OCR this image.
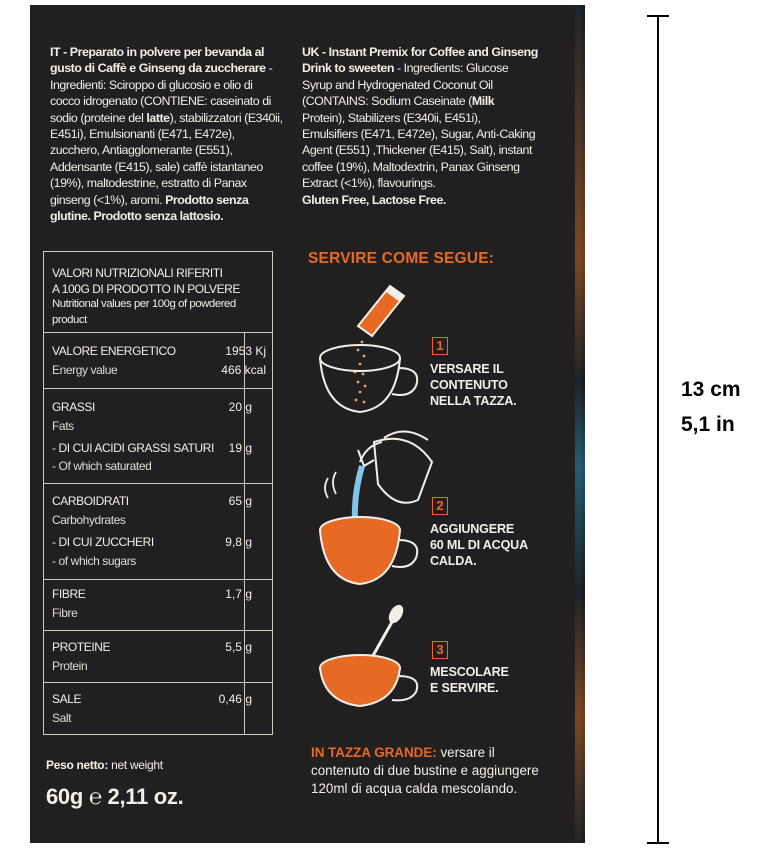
IT - Preparato in polvere per bevanda al gusto di Caffè e Ginseng da zuccherare - Ingredienti: Sciroppo di glucosio e olio di cocco idrogenato (CONTIENE: caseinato di sodio (proteine del latte), stabilizzatori (E340ii, E451i), Emulsionanti (E471, E472e), zucchero, Antiagglomerante (E551), Addensante (E415), sale) caffè istantaneo (19%), maltodestrine, estratto di Panax ginseng (<1%), aromi. Prodotto senza glutine. Prodotto senza lattosio.
UK - Instant Premix for Coffee and Ginseng Drink to sweeten - Ingredients: Glucose Syrup and Hydrogenated Coconut Oil (CONTAINS: Sodium Caseinate (Milk Protein), Stabilizers (E340ii, E451i), Emulsifiers (E471, E472e), Sugar, Anti-Caking Agent (E551) ,Thickener (E415), Salt), instant coffee (19%), Maltodextrin, Panax Ginseng Extract (<1%), flavourings.
Gluten Free, Lactose Free.
VALORI NUTRIZIONALI RIFERITI
A 100G DI PRODOTTO IN POLVERE
Nutritional values per 100g of powdered product
VALORE ENERGETICO
Energy value
1953 Kj
466 kcal
GRASSI
Fats
20 g
- DI CUI ACIDI GRASSI SATURI
- Of which saturated
19 g
CARBOIDRATI
Carbohydrates
65 g
- DI CUI ZUCCHERI
- of which sugars
9,8 g
FIBRE
Fibre
1,7 g
PROTEINE
Protein
5,5 g
SALE
Salt
0,46 g
Peso netto: net weight
60g ℮ 2,11 oz.
SERVIRE COME SEGUE:
1
VERSARE IL
CONTENUTO
NELLA TAZZA.
2
AGGIUNGERE
60 ML DI ACQUA
CALDA.
3
MESCOLARE
E SERVIRE.
IN TAZZA GRANDE: versare il contenuto di due bustine e aggiungere 120ml di acqua calda mescolando.
13 cm
5,1 in
